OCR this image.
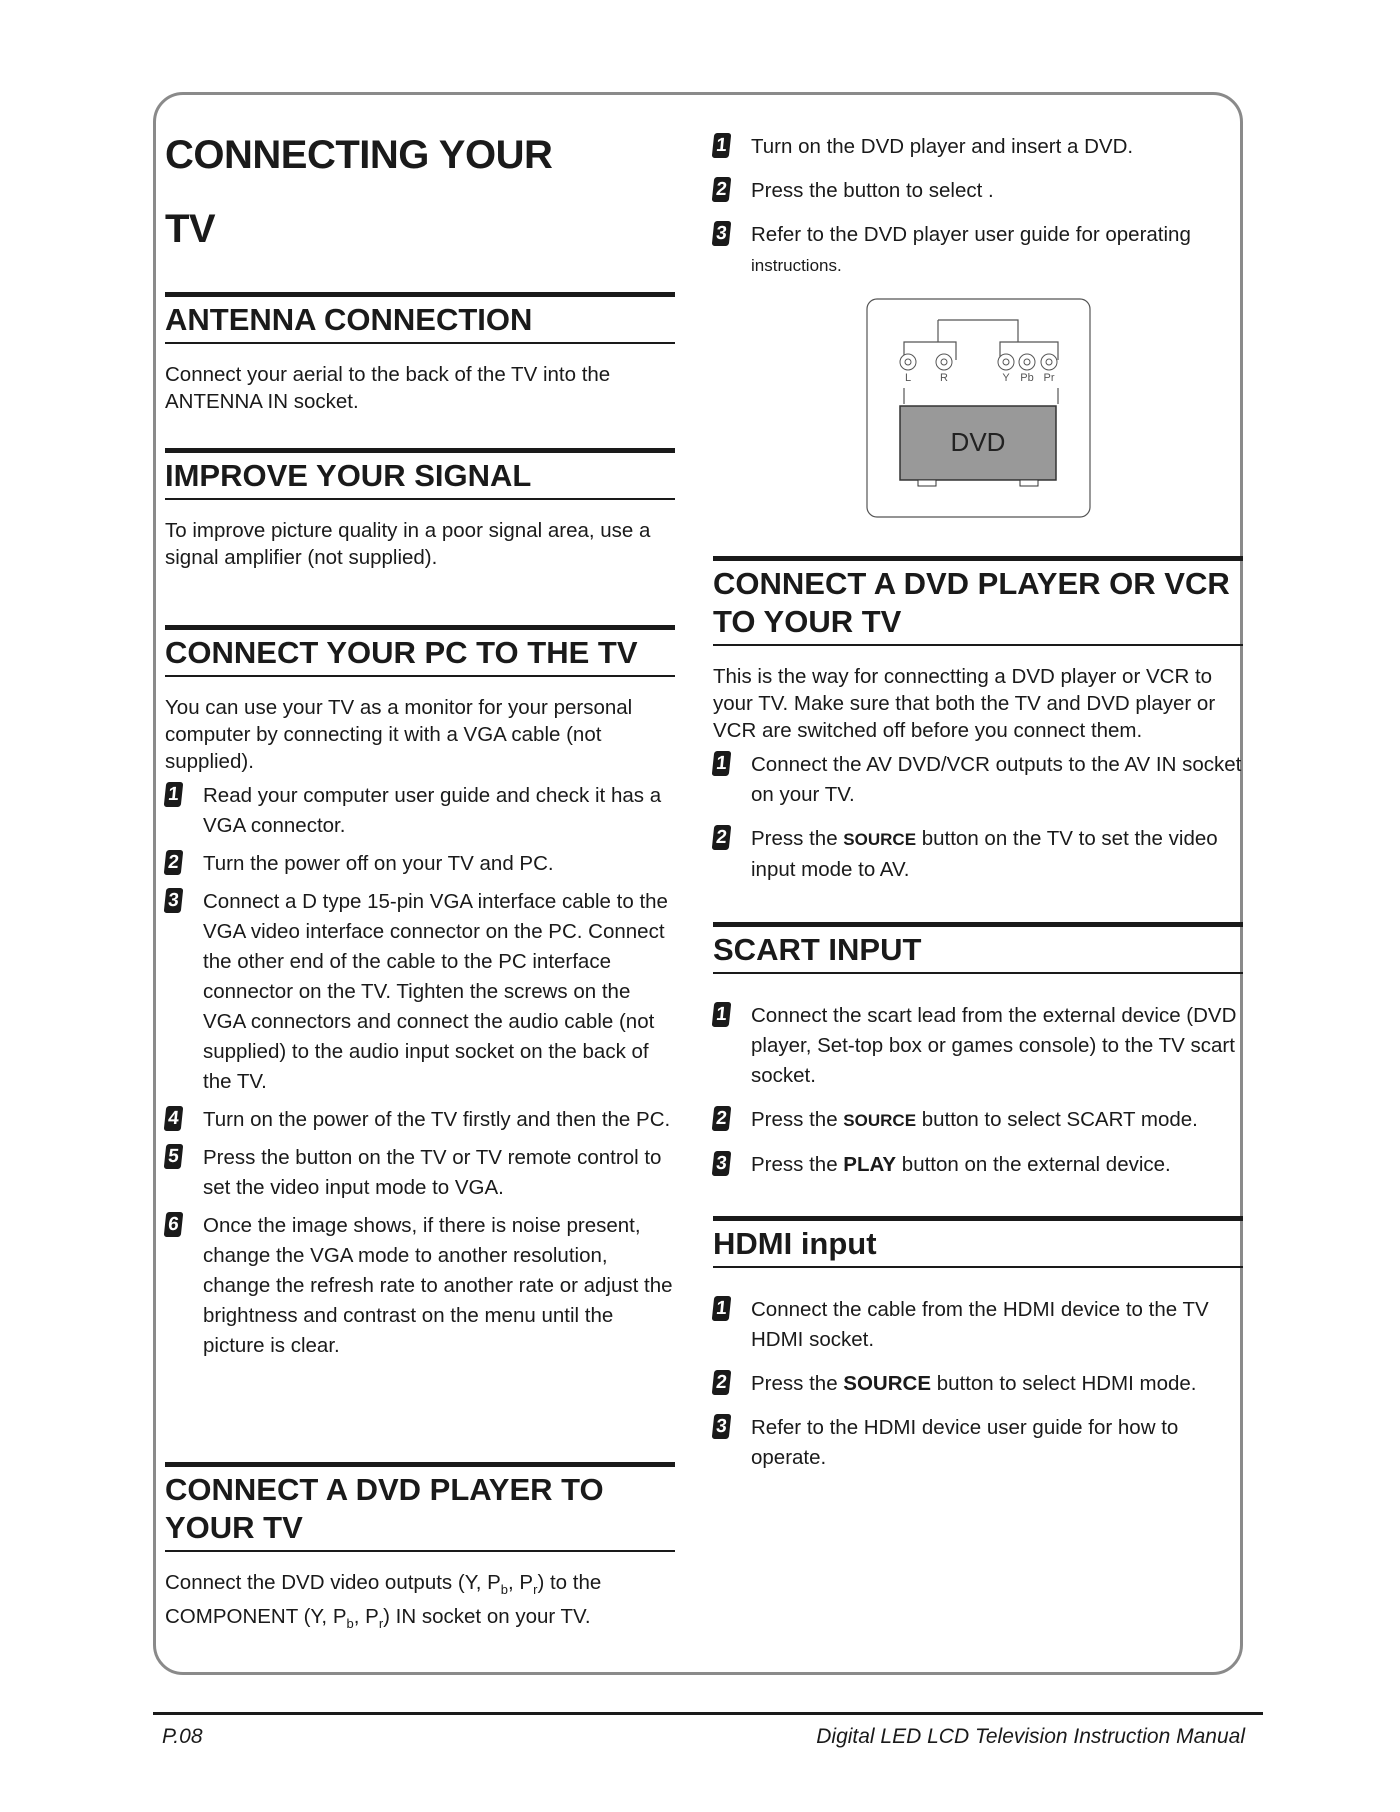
CONNECTING YOUR
TV
ANTENNA CONNECTION

Connect your aerial to the back of the TV into the ANTENNA IN socket.

IMPROVE YOUR SIGNAL

To improve picture quality in a poor signal area, use a signal amplifier (not supplied).

CONNECT YOUR PC TO THE TV

You can use your TV as a monitor for your personal computer by connecting it with a VGA cable (not supplied).

1 Read your computer user guide and check it has a VGA connector.
2 Turn the power off on your TV and PC.
3 Connect a D type 15-pin VGA interface cable to the VGA video interface connector on the PC. Connect the other end of the cable to the PC interface connector on the TV. Tighten the screws on the VGA connectors and connect the audio cable (not supplied) to the audio input socket on the back of the TV.
4 Turn on the power of the TV firstly and then the PC.
5 Press the button on the TV or TV remote control to set the video input mode to VGA.
6 Once the image shows, if there is noise present, change the VGA mode to another resolution, change the refresh rate to another rate or adjust the brightness and contrast on the menu until the picture is clear.
CONNECT A DVD PLAYER TO YOUR TV

Connect the DVD video outputs (Y, $P_b$, $P_r$) to the COMPONENT (Y, $P_b$, $P_r$) IN socket on your TV.

1 Turn on the DVD player and insert a DVD.
2 Press the button to select .
3 Refer to the DVD player user guide for operating
instructions.
L	R	Y Pb Pr
DVD
CONNECT A DVD PLAYER OR VCR TO YOUR TV

This is the way for connectting a DVD player or VCR to your TV. Make sure that both the TV and DVD player or VCR are switched off before you connect them.

1 Connect the AV DVD/VCR outputs to the AV IN socket on your TV.
2 Press the SOURCE button on the TV to set the video input mode to AV.
SCART INPUT
1 Connect the scart lead from the external device (DVD player, Set-top box or games console) to the TV scart socket.
2 Press the SOURCE button to select SCART mode.
3 Press the PLAY button on the external device.
HDMI input
1 Connect the cable from the HDMI device to the TV HDMI socket.
2 Press the SOURCE button to select HDMI mode.
3 Refer to the HDMI device user guide for how to operate.
P.08	Digital LED LCD Television Instruction Manual
